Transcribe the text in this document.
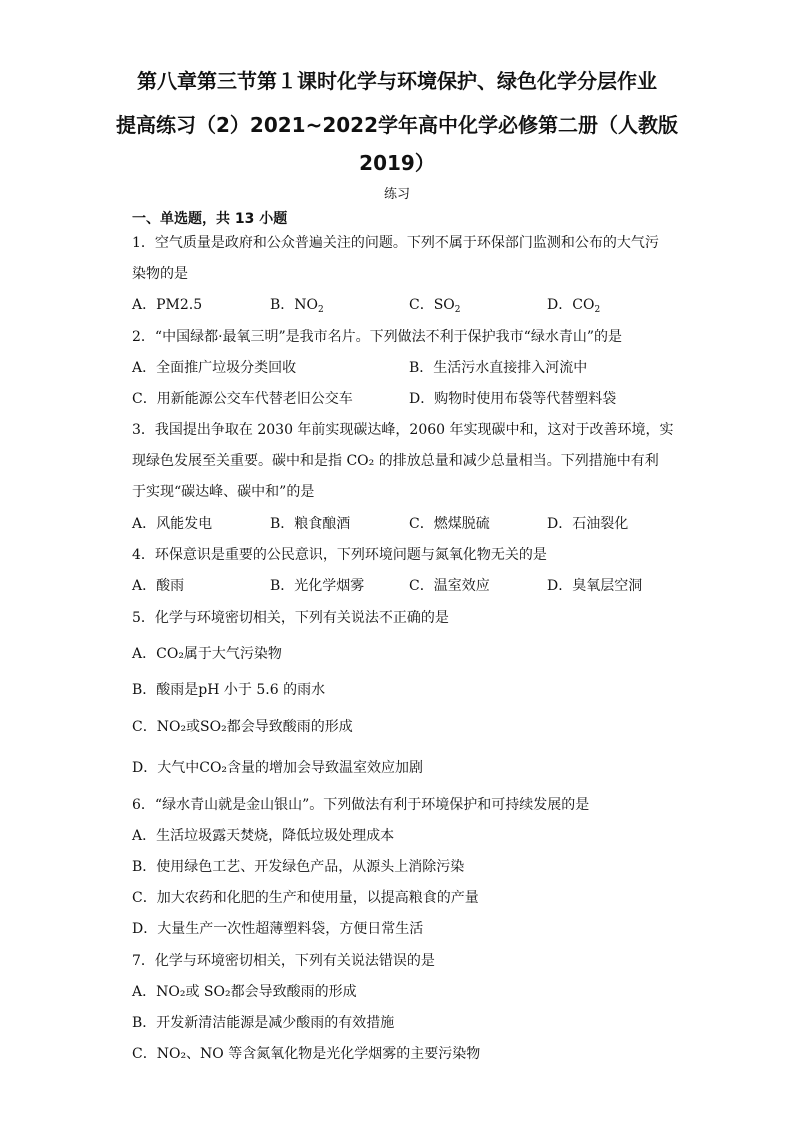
第八章第三节第１课时化学与环境保护、绿色化学分层作业
提高练习（2）2021~2022学年高中化学必修第二册（人教版
2019）
练习
一、单选题，共 13 小题
1．空气质量是政府和公众普遍关注的问题。下列不属于环保部门监测和公布的大气污
染物的是
A．PM2.5	B．$NO_2$	C．$SO_2$	D．$CO_2$
2．“中国绿都·最氧三明”是我市名片。下列做法不利于保护我市“绿水青山”的是
A．全面推广垃圾分类回收	B．生活污水直接排入河流中
C．用新能源公交车代替老旧公交车	D．购物时使用布袋等代替塑料袋
3．我国提出争取在 2030 年前实现碳达峰，2060 年实现碳中和，这对于改善环境，实
现绿色发展至关重要。碳中和是指 CO₂ 的排放总量和减少总量相当。下列措施中有利
于实现“碳达峰、碳中和”的是
A．风能发电	B．粮食酿酒	C．燃煤脱硫	D．石油裂化
4．环保意识是重要的公民意识，下列环境问题与氮氧化物无关的是
A．酸雨	B．光化学烟雾	C．温室效应	D．臭氧层空洞
5．化学与环境密切相关，下列有关说法不正确的是
A．CO₂属于大气污染物
B．酸雨是pH 小于 5.6 的雨水
C．NO₂或SO₂都会导致酸雨的形成
D．大气中CO₂含量的增加会导致温室效应加剧
6．“绿水青山就是金山银山”。下列做法有利于环境保护和可持续发展的是
A．生活垃圾露天焚烧，降低垃圾处理成本
B．使用绿色工艺、开发绿色产品，从源头上消除污染
C．加大农药和化肥的生产和使用量，以提高粮食的产量
D．大量生产一次性超薄塑料袋，方便日常生活
7．化学与环境密切相关，下列有关说法错误的是
A．NO₂或 SO₂都会导致酸雨的形成
B．开发新清洁能源是减少酸雨的有效措施
C．NO₂、NO 等含氮氧化物是光化学烟雾的主要污染物
